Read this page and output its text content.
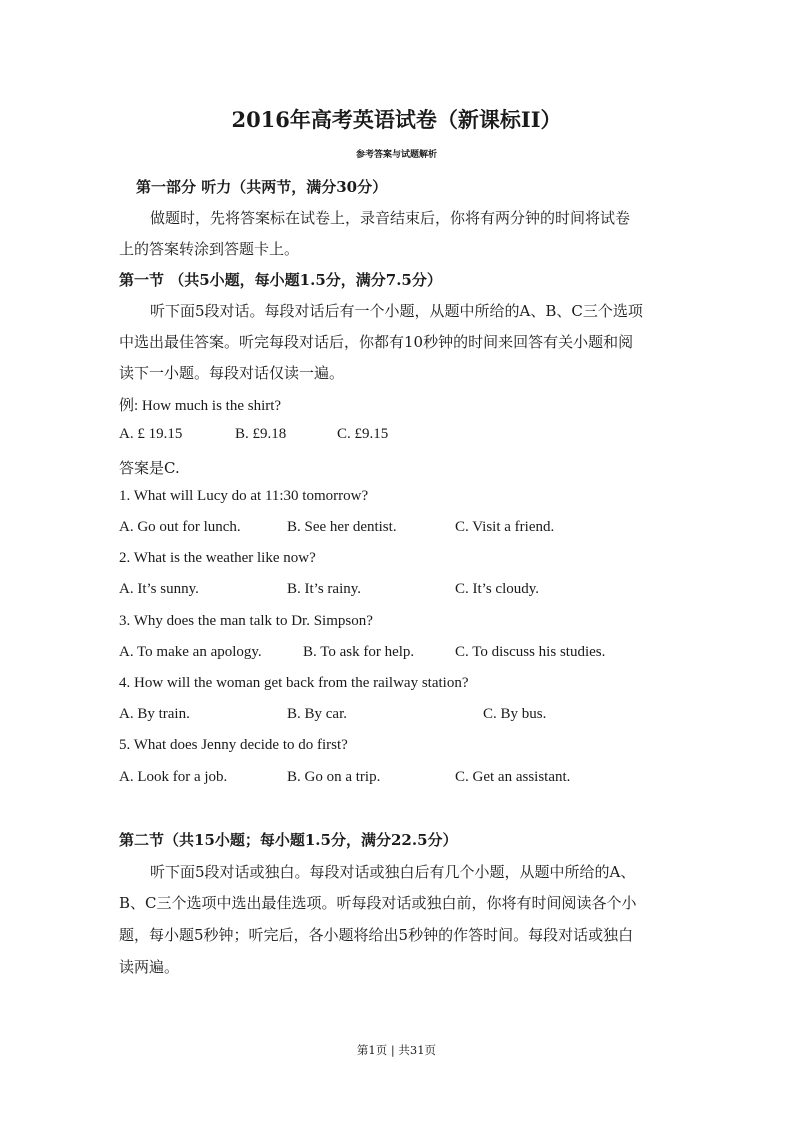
2016年高考英语试卷（新课标II）
参考答案与试题解析
第一部分 听力（共两节，满分30分）
做题时，先将答案标在试卷上，录音结束后，你将有两分钟的时间将试卷
上的答案转涂到答题卡上。
第一节 （共5小题，每小题1.5分，满分7.5分）
听下面5段对话。每段对话后有一个小题，从题中所给的A、B、C三个选项
中选出最佳答案。听完每段对话后，你都有10秒钟的时间来回答有关小题和阅
读下一小题。每段对话仅读一遍。
例: How much is the shirt?
A. £ 19.15	B. £9.18	C. £9.15
答案是C.
1. What will Lucy do at 11:30 tomorrow?
A. Go out for lunch.	B. See her dentist.	C. Visit a friend.
2. What is the weather like now?
A. It’s sunny.	B. It’s rainy.	C. It’s cloudy.
3. Why does the man talk to Dr. Simpson?
A. To make an apology.	B. To ask for help.	C. To discuss his studies.
4. How will the woman get back from the railway station?
A. By train.	B. By car.	C. By bus.
5. What does Jenny decide to do first?
A. Look for a job.	B. Go on a trip.	C. Get an assistant.
第二节（共15小题；每小题1.5分，满分22.5分）
听下面5段对话或独白。每段对话或独白后有几个小题，从题中所给的A、
B、C三个选项中选出最佳选项。听每段对话或独白前，你将有时间阅读各个小
题，每小题5秒钟；听完后，各小题将给出5秒钟的作答时间。每段对话或独白
读两遍。
第1页 | 共31页
